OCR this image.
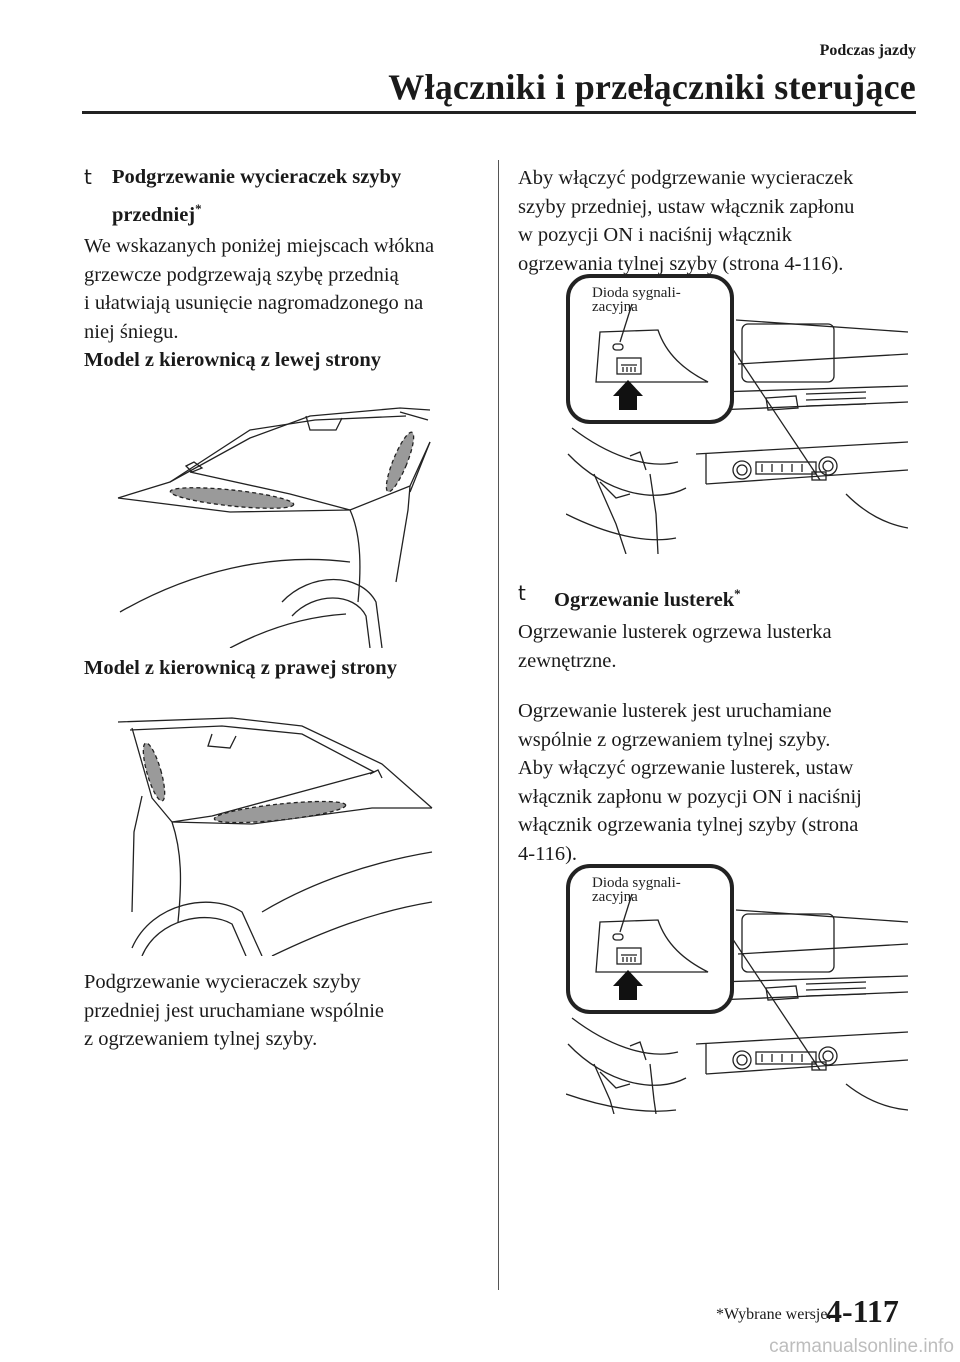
Podczas jazdy
Włączniki i przełączniki sterujące
t Podgrzewanie wycieraczek szyby
przedniej*

We wskazanych poniżej miejscach włókna

grzewcze podgrzewają szybę przednią

i ułatwiają usunięcie nagromadzonego na

niej śniegu.

Model z kierownicą z lewej strony

Model z kierownicą z prawej strony

Podgrzewanie wycieraczek szyby

przedniej jest uruchamiane wspólnie

z ogrzewaniem tylnej szyby.

Aby włączyć podgrzewanie wycieraczek

szyby przedniej, ustaw włącznik zapłonu

w pozycji ON i naciśnij włącznik

ogrzewania tylnej szyby (strona 4-116).

Dioda sygnali-
zacyjna
t Ogrzewanie lusterek*

Ogrzewanie lusterek ogrzewa lusterka

zewnętrzne.

Ogrzewanie lusterek jest uruchamiane

wspólnie z ogrzewaniem tylnej szyby.

Aby włączyć ogrzewanie lusterek, ustaw

włącznik zapłonu w pozycji ON i naciśnij

włącznik ogrzewania tylnej szyby (strona

4-116).

Dioda sygnali-
zacyjna
*Wybrane wersje.
4-117
carmanualsonline.info
